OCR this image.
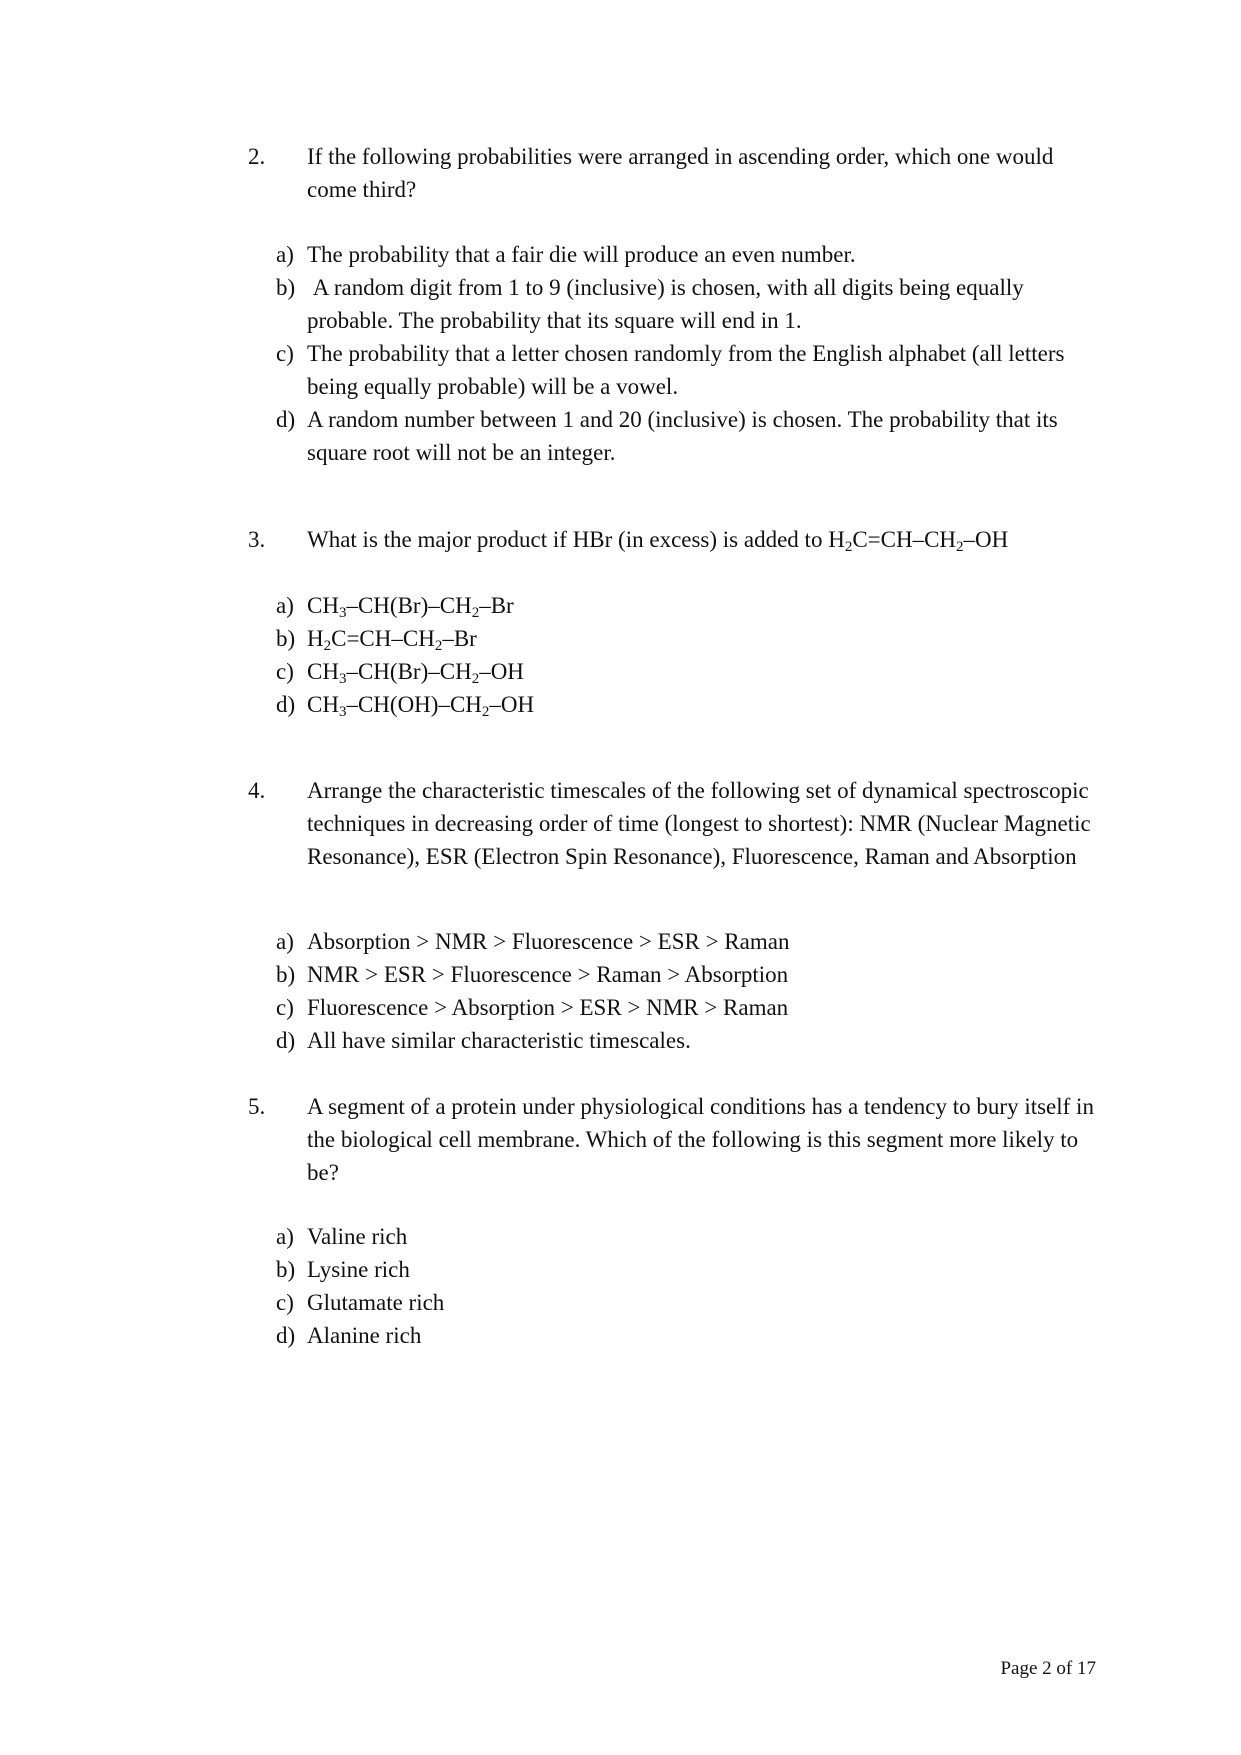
2. If the following probabilities were arranged in ascending order, which one would come third?
a) The probability that a fair die will produce an even number.
b) A random digit from 1 to 9 (inclusive) is chosen, with all digits being equally probable. The probability that its square will end in 1.
c) The probability that a letter chosen randomly from the English alphabet (all letters being equally probable) will be a vowel.
d) A random number between 1 and 20 (inclusive) is chosen. The probability that its square root will not be an integer.
3. What is the major product if HBr (in excess) is added to $H_2C=CH-CH_2-OH$
a) $CH_3-CH(Br)-CH_2-Br$
b) $H_2C=CH-CH_2-Br$
c) $CH_3-CH(Br)-CH_2-OH$
d) $CH_3-CH(OH)-CH_2-OH$
4. Arrange the characteristic timescales of the following set of dynamical spectroscopic techniques in decreasing order of time (longest to shortest): NMR (Nuclear Magnetic Resonance), ESR (Electron Spin Resonance), Fluorescence, Raman and Absorption
a) Absorption > NMR > Fluorescence > ESR > Raman
b) NMR > ESR > Fluorescence > Raman > Absorption
c) Fluorescence > Absorption > ESR > NMR > Raman
d) All have similar characteristic timescales.
5. A segment of a protein under physiological conditions has a tendency to bury itself in the biological cell membrane. Which of the following is this segment more likely to be?
a) Valine rich
b) Lysine rich
c) Glutamate rich
d) Alanine rich
Page 2 of 17
